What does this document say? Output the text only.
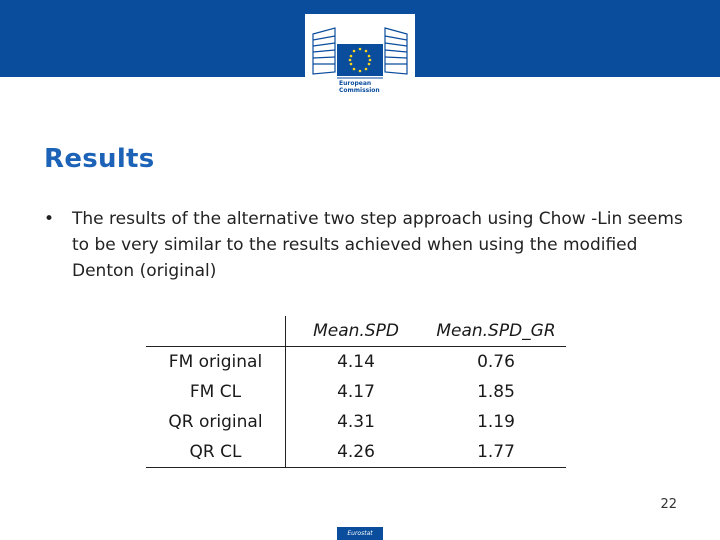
European
Commission
Results
•	The results of the alternative two step approach using Chow -Lin seems to be very similar to the results achieved when using the modified Denton (original)
	Mean.SPD	Mean.SPD_GR
FM original	4.14	0.76
FM CL	4.17	1.85
QR original	4.31	1.19
QR CL	4.26	1.77
22
Eurostat
